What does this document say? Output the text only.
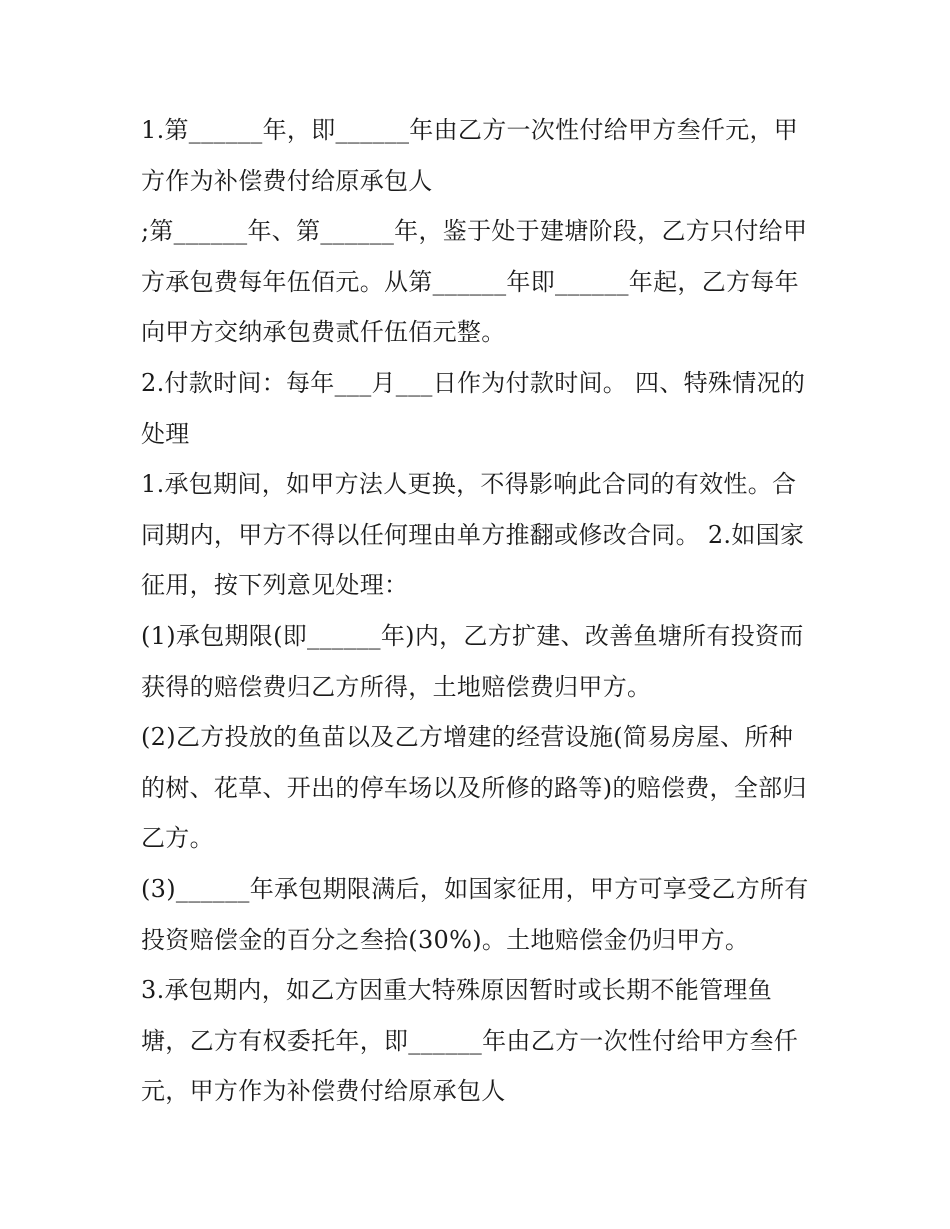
1.第______年，即______年由乙方一次性付给甲方叁仟元，甲方作为补偿费付给原承包人

;第______年、第______年，鉴于处于建塘阶段，乙方只付给甲方承包费每年伍佰元。从第______年即______年起，乙方每年向甲方交纳承包费贰仟伍佰元整。

2.付款时间：每年___月___日作为付款时间。 四、特殊情况的处理

1.承包期间，如甲方法人更换，不得影响此合同的有效性。合同期内，甲方不得以任何理由单方推翻或修改合同。 2.如国家征用，按下列意见处理：

(1)承包期限(即______年)内，乙方扩建、改善鱼塘所有投资而获得的赔偿费归乙方所得，土地赔偿费归甲方。

(2)乙方投放的鱼苗以及乙方增建的经营设施(简易房屋、所种的树、花草、开出的停车场以及所修的路等)的赔偿费，全部归乙方。

(3)______年承包期限满后，如国家征用，甲方可享受乙方所有投资赔偿金的百分之叁拾(30%)。土地赔偿金仍归甲方。

3.承包期内，如乙方因重大特殊原因暂时或长期不能管理鱼塘，乙方有权委托年，即______年由乙方一次性付给甲方叁仟元，甲方作为补偿费付给原承包人
